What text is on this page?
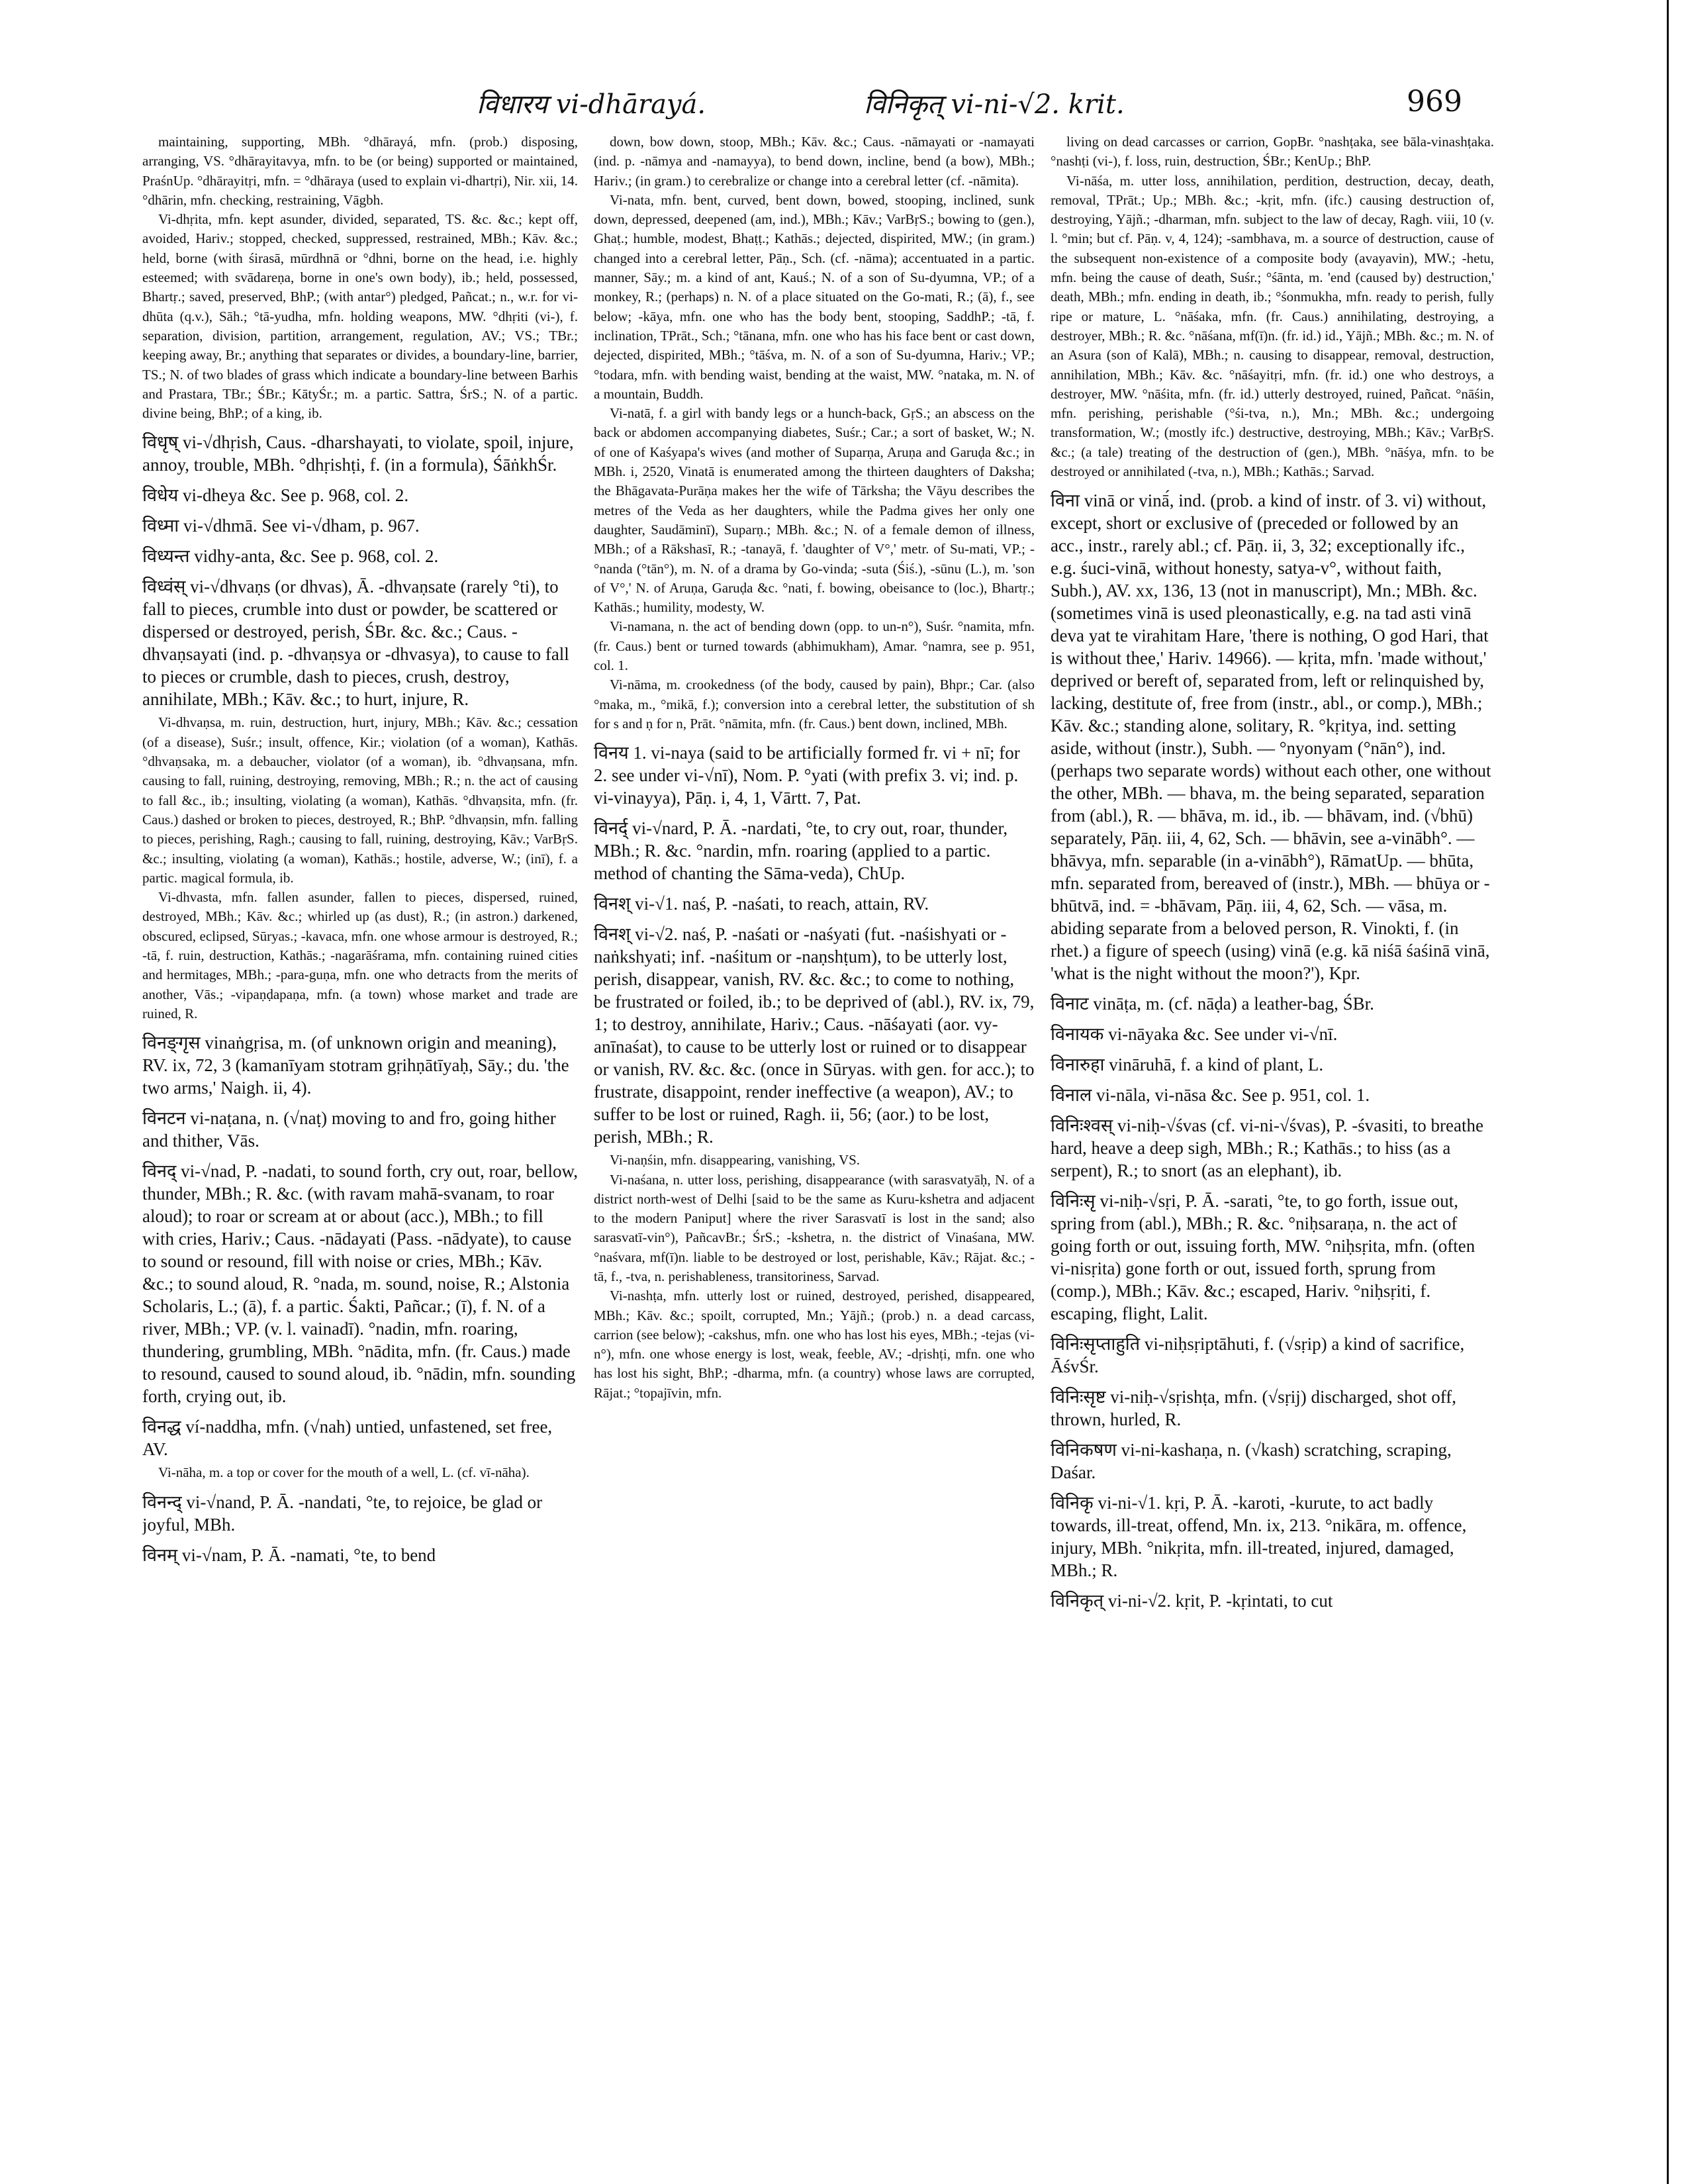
विधारय vi-dhārayá.	विनिकृत् vi-ni-√2. krit.	969

maintaining, supporting, MBh. °dhārayá, mfn. (prob.) disposing, arranging, VS. °dhārayitavya, mfn. to be (or being) supported or maintained, PraśnUp. °dhārayitṛi, mfn. = °dhāraya (used to explain vi-dhartṛi), Nir. xii, 14. °dhārin, mfn. checking, restraining, Vāgbh.

Vi-dhṛita, mfn. kept asunder, divided, separated, TS. &c. &c.; kept off, avoided, Hariv.; stopped, checked, suppressed, restrained, MBh.; Kāv. &c.; held, borne (with śirasā, mūrdhnā or °dhni, borne on the head, i.e. highly esteemed; with svādareṇa, borne in one's own body), ib.; held, possessed, Bhartṛ.; saved, preserved, BhP.; (with antar°) pledged, Pañcat.; n., w.r. for vi-dhūta (q.v.), Sāh.; °tā-yudha, mfn. holding weapons, MW. °dhṛiti (vi-), f. separation, division, partition, arrangement, regulation, AV.; VS.; TBr.; keeping away, Br.; anything that separates or divides, a boundary-line, barrier, TS.; N. of two blades of grass which indicate a boundary-line between Barhis and Prastara, TBr.; ŚBr.; KātyŚr.; m. a partic. Sattra, ŚrS.; N. of a partic. divine being, BhP.; of a king, ib.

विधृष् vi-√dhṛish, Caus. -dharshayati, to violate, spoil, injure, annoy, trouble, MBh. °dhṛishṭi, f. (in a formula), ŚāṅkhŚr.

विधेय vi-dheya &c. See p. 968, col. 2.

विध्मा vi-√dhmā. See vi-√dham, p. 967.

विध्यन्त vidhy-anta, &c. See p. 968, col. 2.

विध्वंस् vi-√dhvaṇs (or dhvas), Ā. -dhvaṇsate (rarely °ti), to fall to pieces, crumble into dust or powder, be scattered or dispersed or destroyed, perish, ŚBr. &c. &c.; Caus. -dhvaṇsayati (ind. p. -dhvaṇsya or -dhvasya), to cause to fall to pieces or crumble, dash to pieces, crush, destroy, annihilate, MBh.; Kāv. &c.; to hurt, injure, R.

Vi-dhvaṇsa, m. ruin, destruction, hurt, injury, MBh.; Kāv. &c.; cessation (of a disease), Suśr.; insult, offence, Kir.; violation (of a woman), Kathās. °dhvaṇsaka, m. a debaucher, violator (of a woman), ib. °dhvaṇsana, mfn. causing to fall, ruining, destroying, removing, MBh.; R.; n. the act of causing to fall &c., ib.; insulting, violating (a woman), Kathās. °dhvaṇsita, mfn. (fr. Caus.) dashed or broken to pieces, destroyed, R.; BhP. °dhvaṇsin, mfn. falling to pieces, perishing, Ragh.; causing to fall, ruining, destroying, Kāv.; VarBṛS. &c.; insulting, violating (a woman), Kathās.; hostile, adverse, W.; (inī), f. a partic. magical formula, ib.

Vi-dhvasta, mfn. fallen asunder, fallen to pieces, dispersed, ruined, destroyed, MBh.; Kāv. &c.; whirled up (as dust), R.; (in astron.) darkened, obscured, eclipsed, Sūryas.; -kavaca, mfn. one whose armour is destroyed, R.; -tā, f. ruin, destruction, Kathās.; -nagarāśrama, mfn. containing ruined cities and hermitages, MBh.; -para-guṇa, mfn. one who detracts from the merits of another, Vās.; -vipaṇḍapaṇa, mfn. (a town) whose market and trade are ruined, R.

विनङ्गृस vinaṅgṛisa, m. (of unknown origin and meaning), RV. ix, 72, 3 (kamanīyam stotram gṛihṇātīyaḥ, Sāy.; du. 'the two arms,' Naigh. ii, 4).

विनटन vi-naṭana, n. (√naṭ) moving to and fro, going hither and thither, Vās.

विनद् vi-√nad, P. -nadati, to sound forth, cry out, roar, bellow, thunder, MBh.; R. &c. (with ravam mahā-svanam, to roar aloud); to roar or scream at or about (acc.), MBh.; to fill with cries, Hariv.; Caus. -nādayati (Pass. -nādyate), to cause to sound or resound, fill with noise or cries, MBh.; Kāv. &c.; to sound aloud, R. °nada, m. sound, noise, R.; Alstonia Scholaris, L.; (ā), f. a partic. Śakti, Pañcar.; (ī), f. N. of a river, MBh.; VP. (v. l. vainadī). °nadin, mfn. roaring, thundering, grumbling, MBh. °nādita, mfn. (fr. Caus.) made to resound, caused to sound aloud, ib. °nādin, mfn. sounding forth, crying out, ib.

विनद्ध ví-naddha, mfn. (√nah) untied, unfastened, set free, AV.

Vi-nāha, m. a top or cover for the mouth of a well, L. (cf. vī-nāha).

विनन्द् vi-√nand, P. Ā. -nandati, °te, to rejoice, be glad or joyful, MBh.

विनम् vi-√nam, P. Ā. -namati, °te, to bend

down, bow down, stoop, MBh.; Kāv. &c.; Caus. -nāmayati or -namayati (ind. p. -nāmya and -namayya), to bend down, incline, bend (a bow), MBh.; Hariv.; (in gram.) to cerebralize or change into a cerebral letter (cf. -nāmita).

Vi-nata, mfn. bent, curved, bent down, bowed, stooping, inclined, sunk down, depressed, deepened (am, ind.), MBh.; Kāv.; VarBṛS.; bowing to (gen.), Ghaṭ.; humble, modest, Bhaṭṭ.; Kathās.; dejected, dispirited, MW.; (in gram.) changed into a cerebral letter, Pāṇ., Sch. (cf. -nāma); accentuated in a partic. manner, Sāy.; m. a kind of ant, Kauś.; N. of a son of Su-dyumna, VP.; of a monkey, R.; (perhaps) n. N. of a place situated on the Go-mati, R.; (ā), f., see below; -kāya, mfn. one who has the body bent, stooping, SaddhP.; -tā, f. inclination, TPrāt., Sch.; °tānana, mfn. one who has his face bent or cast down, dejected, dispirited, MBh.; °tāśva, m. N. of a son of Su-dyumna, Hariv.; VP.; °todara, mfn. with bending waist, bending at the waist, MW. °nataka, m. N. of a mountain, Buddh.

Vi-natā, f. a girl with bandy legs or a hunch-back, GṛS.; an abscess on the back or abdomen accompanying diabetes, Suśr.; Car.; a sort of basket, W.; N. of one of Kaśyapa's wives (and mother of Suparṇa, Aruṇa and Garuḍa &c.; in MBh. i, 2520, Vinatā is enumerated among the thirteen daughters of Daksha; the Bhāgavata-Purāṇa makes her the wife of Tārksha; the Vāyu describes the metres of the Veda as her daughters, while the Padma gives her only one daughter, Saudāminī), Suparṇ.; MBh. &c.; N. of a female demon of illness, MBh.; of a Rākshasī, R.; -tanayā, f. 'daughter of V°,' metr. of Su-mati, VP.; -°nanda (°tān°), m. N. of a drama by Go-vinda; -suta (Śiś.), -sūnu (L.), m. 'son of V°,' N. of Aruṇa, Garuḍa &c. °nati, f. bowing, obeisance to (loc.), Bhartṛ.; Kathās.; humility, modesty, W.

Vi-namana, n. the act of bending down (opp. to un-n°), Suśr. °namita, mfn. (fr. Caus.) bent or turned towards (abhimukham), Amar. °namra, see p. 951, col. 1.

Vi-nāma, m. crookedness (of the body, caused by pain), Bhpr.; Car. (also °maka, m., °mikā, f.); conversion into a cerebral letter, the substitution of sh for s and ṇ for n, Prāt. °nāmita, mfn. (fr. Caus.) bent down, inclined, MBh.

विनय 1. vi-naya (said to be artificially formed fr. vi + nī; for 2. see under vi-√nī), Nom. P. °yati (with prefix 3. vi; ind. p. vi-vinayya), Pāṇ. i, 4, 1, Vārtt. 7, Pat.

विनर्द् vi-√nard, P. Ā. -nardati, °te, to cry out, roar, thunder, MBh.; R. &c. °nardin, mfn. roaring (applied to a partic. method of chanting the Sāma-veda), ChUp.

विनश् vi-√1. naś, P. -naśati, to reach, attain, RV.

विनश् vi-√2. naś, P. -naśati or -naśyati (fut. -naśishyati or -naṅkshyati; inf. -naśitum or -naṇshṭum), to be utterly lost, perish, disappear, vanish, RV. &c. &c.; to come to nothing, be frustrated or foiled, ib.; to be deprived of (abl.), RV. ix, 79, 1; to destroy, annihilate, Hariv.; Caus. -nāśayati (aor. vy-anīnaśat), to cause to be utterly lost or ruined or to disappear or vanish, RV. &c. &c. (once in Sūryas. with gen. for acc.); to frustrate, disappoint, render ineffective (a weapon), AV.; to suffer to be lost or ruined, Ragh. ii, 56; (aor.) to be lost, perish, MBh.; R.

Vi-naṇśin, mfn. disappearing, vanishing, VS.

Vi-naśana, n. utter loss, perishing, disappearance (with sarasvatyāḥ, N. of a district north-west of Delhi [said to be the same as Kuru-kshetra and adjacent to the modern Paniput] where the river Sarasvatī is lost in the sand; also sarasvatī-vin°), PañcavBr.; ŚrS.; -kshetra, n. the district of Vinaśana, MW. °naśvara, mf(ī)n. liable to be destroyed or lost, perishable, Kāv.; Rājat. &c.; -tā, f., -tva, n. perishableness, transitoriness, Sarvad.

Vi-nashṭa, mfn. utterly lost or ruined, destroyed, perished, disappeared, MBh.; Kāv. &c.; spoilt, corrupted, Mn.; Yājñ.; (prob.) n. a dead carcass, carrion (see below); -cakshus, mfn. one who has lost his eyes, MBh.; -tejas (vi-n°), mfn. one whose energy is lost, weak, feeble, AV.; -dṛishṭi, mfn. one who has lost his sight, BhP.; -dharma, mfn. (a country) whose laws are corrupted, Rājat.; °topajīvin, mfn.

living on dead carcasses or carrion, GopBr. °nashṭaka, see bāla-vinashṭaka. °nashṭi (vi-), f. loss, ruin, destruction, ŚBr.; KenUp.; BhP.

Vi-nāśa, m. utter loss, annihilation, perdition, destruction, decay, death, removal, TPrāt.; Up.; MBh. &c.; -kṛit, mfn. (ifc.) causing destruction of, destroying, Yājñ.; -dharman, mfn. subject to the law of decay, Ragh. viii, 10 (v. l. °min; but cf. Pāṇ. v, 4, 124); -sambhava, m. a source of destruction, cause of the subsequent non-existence of a composite body (avayavin), MW.; -hetu, mfn. being the cause of death, Suśr.; °śānta, m. 'end (caused by) destruction,' death, MBh.; mfn. ending in death, ib.; °śonmukha, mfn. ready to perish, fully ripe or mature, L. °nāśaka, mfn. (fr. Caus.) annihilating, destroying, a destroyer, MBh.; R. &c. °nāśana, mf(ī)n. (fr. id.) id., Yājñ.; MBh. &c.; m. N. of an Asura (son of Kalā), MBh.; n. causing to disappear, removal, destruction, annihilation, MBh.; Kāv. &c. °nāśayitṛi, mfn. (fr. id.) one who destroys, a destroyer, MW. °nāśita, mfn. (fr. id.) utterly destroyed, ruined, Pañcat. °nāśin, mfn. perishing, perishable (°śi-tva, n.), Mn.; MBh. &c.; undergoing transformation, W.; (mostly ifc.) destructive, destroying, MBh.; Kāv.; VarBṛS. &c.; (a tale) treating of the destruction of (gen.), MBh. °nāśya, mfn. to be destroyed or annihilated (-tva, n.), MBh.; Kathās.; Sarvad.

विना vinā or vinā́, ind. (prob. a kind of instr. of 3. vi) without, except, short or exclusive of (preceded or followed by an acc., instr., rarely abl.; cf. Pāṇ. ii, 3, 32; exceptionally ifc., e.g. śuci-vinā, without honesty, satya-v°, without faith, Subh.), AV. xx, 136, 13 (not in manuscript), Mn.; MBh. &c. (sometimes vinā is used pleonastically, e.g. na tad asti vinā deva yat te virahitam Hare, 'there is nothing, O god Hari, that is without thee,' Hariv. 14966). — kṛita, mfn. 'made without,' deprived or bereft of, separated from, left or relinquished by, lacking, destitute of, free from (instr., abl., or comp.), MBh.; Kāv. &c.; standing alone, solitary, R. °kṛitya, ind. setting aside, without (instr.), Subh. — °nyonyam (°nān°), ind. (perhaps two separate words) without each other, one without the other, MBh. — bhava, m. the being separated, separation from (abl.), R. — bhāva, m. id., ib. — bhāvam, ind. (√bhū) separately, Pāṇ. iii, 4, 62, Sch. — bhāvin, see a-vinābh°. — bhāvya, mfn. separable (in a-vinābh°), RāmatUp. — bhūta, mfn. separated from, bereaved of (instr.), MBh. — bhūya or -bhūtvā, ind. = -bhāvam, Pāṇ. iii, 4, 62, Sch. — vāsa, m. abiding separate from a beloved person, R. Vinokti, f. (in rhet.) a figure of speech (using) vinā (e.g. kā niśā śaśinā vinā, 'what is the night without the moon?'), Kpr.

विनाट vināṭa, m. (cf. nāḍa) a leather-bag, ŚBr.

विनायक vi-nāyaka &c. See under vi-√nī.

विनारुहा vināruhā, f. a kind of plant, L.

विनाल vi-nāla, vi-nāsa &c. See p. 951, col. 1.

विनिःश्वस् vi-niḥ-√śvas (cf. vi-ni-√śvas), P. -śvasiti, to breathe hard, heave a deep sigh, MBh.; R.; Kathās.; to hiss (as a serpent), R.; to snort (as an elephant), ib.

विनिःसृ vi-niḥ-√sṛi, P. Ā. -sarati, °te, to go forth, issue out, spring from (abl.), MBh.; R. &c. °niḥsaraṇa, n. the act of going forth or out, issuing forth, MW. °niḥsṛita, mfn. (often vi-nisṛita) gone forth or out, issued forth, sprung from (comp.), MBh.; Kāv. &c.; escaped, Hariv. °niḥsṛiti, f. escaping, flight, Lalit.

विनिःसृप्ताहुति vi-niḥsṛiptāhuti, f. (√sṛip) a kind of sacrifice, ĀśvŚr.

विनिःसृष्ट vi-niḥ-√sṛishṭa, mfn. (√sṛij) discharged, shot off, thrown, hurled, R.

विनिकषण vi-ni-kashaṇa, n. (√kash) scratching, scraping, Daśar.

विनिकृ vi-ni-√1. kṛi, P. Ā. -karoti, -kurute, to act badly towards, ill-treat, offend, Mn. ix, 213. °nikāra, m. offence, injury, MBh. °nikṛita, mfn. ill-treated, injured, damaged, MBh.; R.

विनिकृत् vi-ni-√2. kṛit, P. -kṛintati, to cut
